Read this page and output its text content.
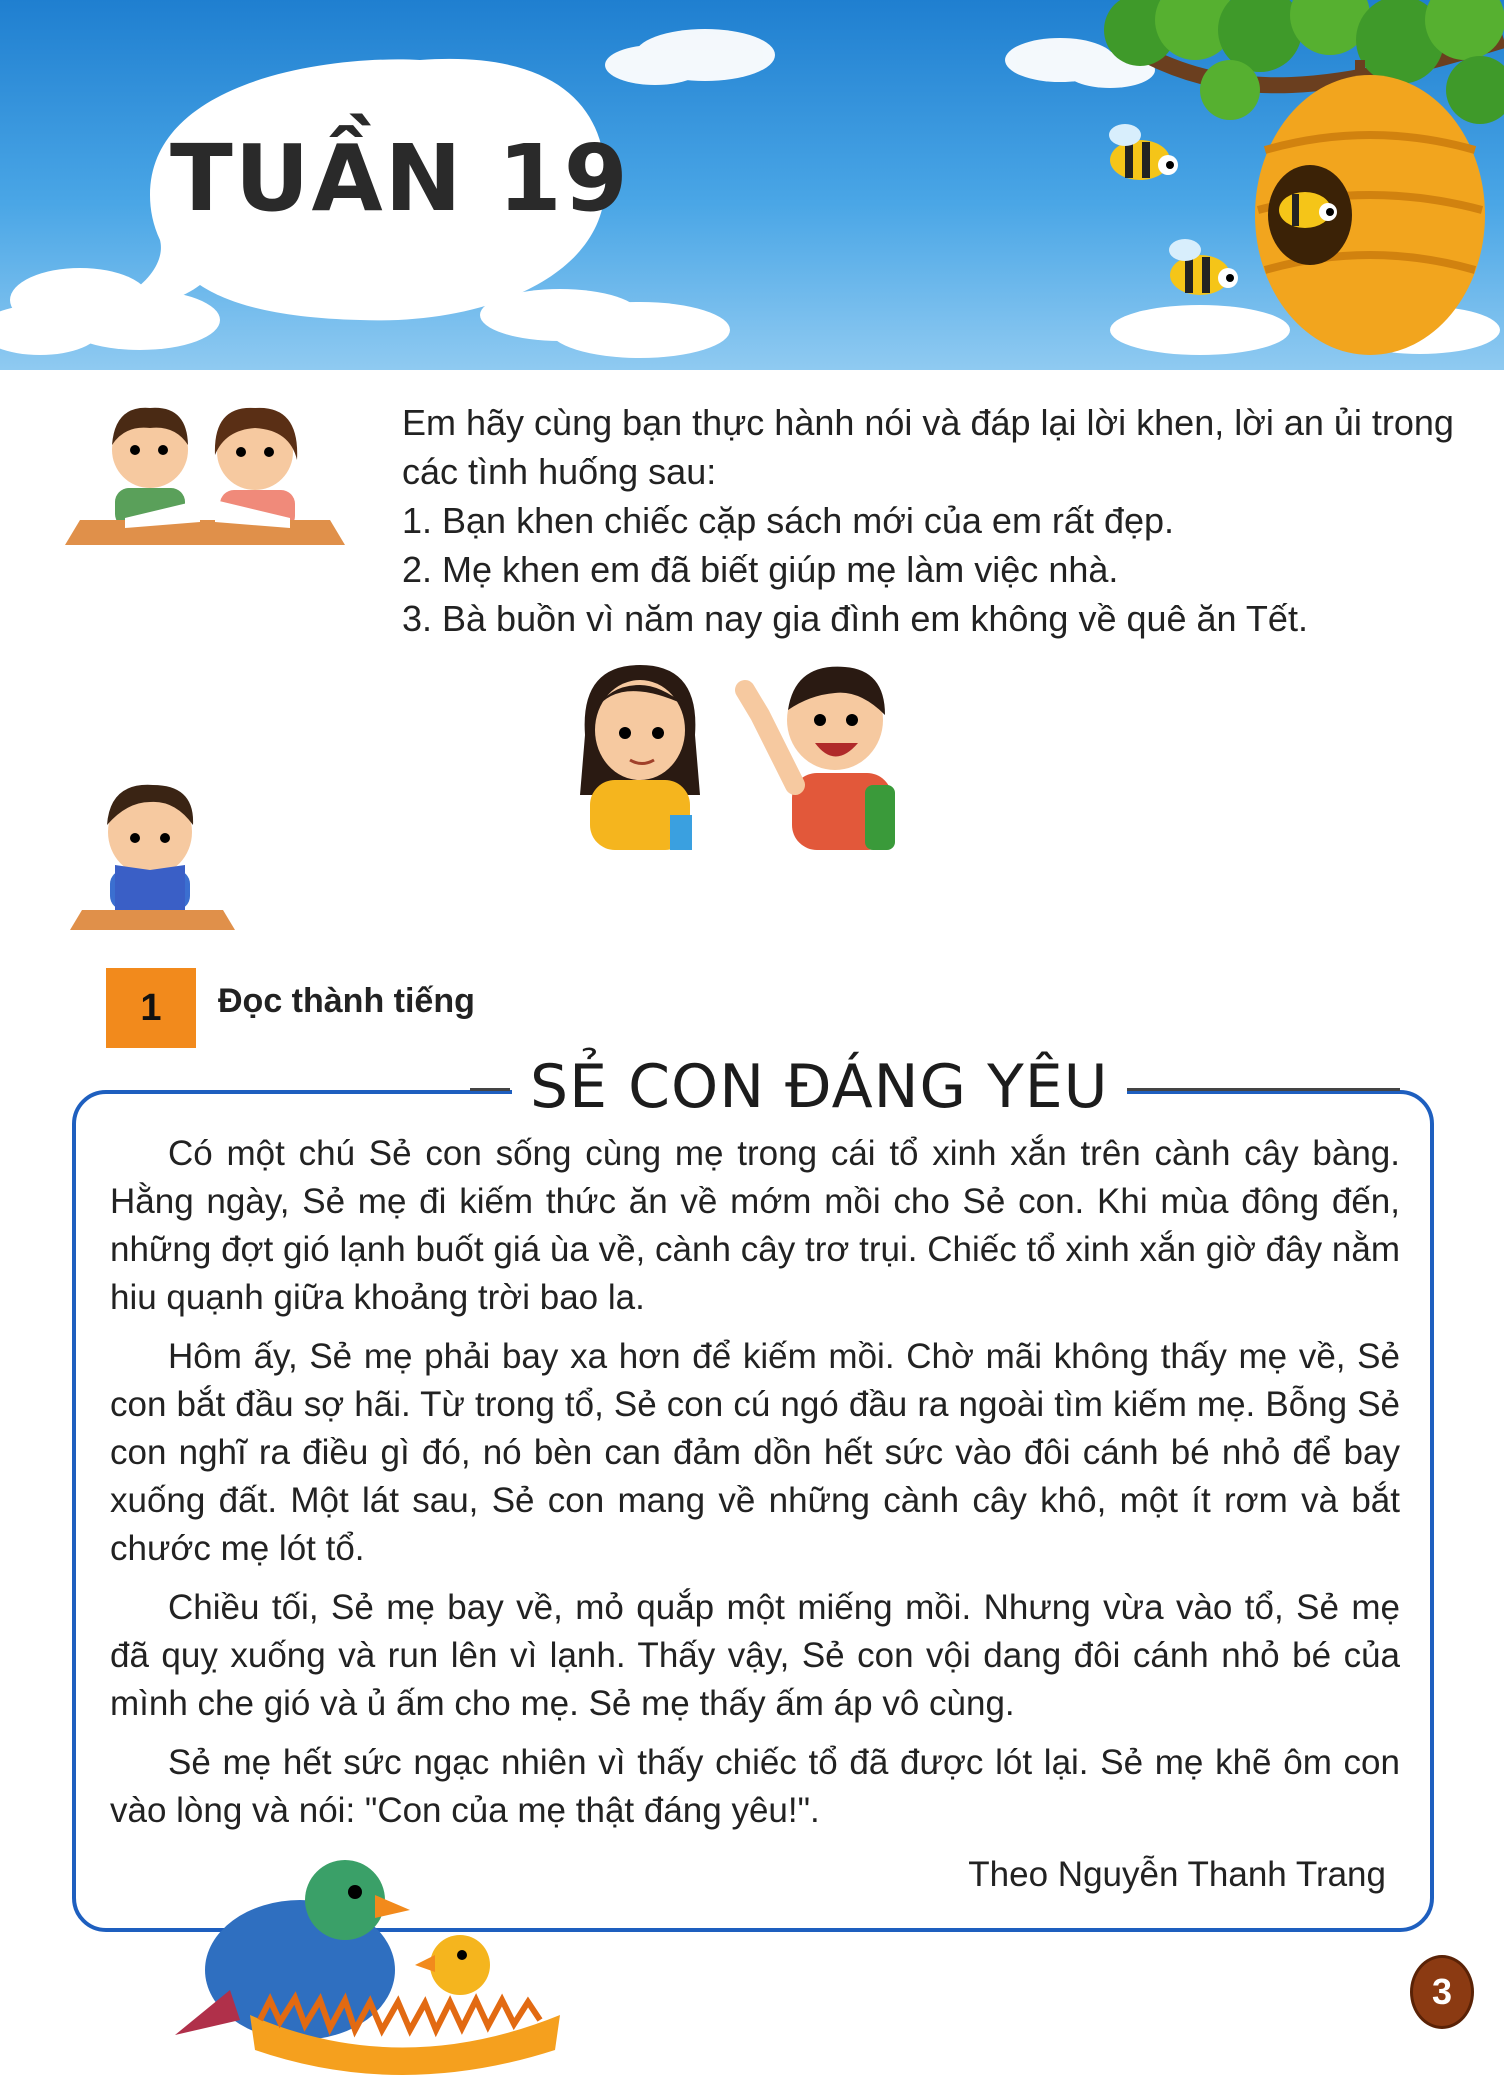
TUẦN 19

Em hãy cùng bạn thực hành nói và đáp lại lời khen, lời an ủi trong các tình huống sau:

1. Bạn khen chiếc cặp sách mới của em rất đẹp.

2. Mẹ khen em đã biết giúp mẹ làm việc nhà.

3. Bà buồn vì năm nay gia đình em không về quê ăn Tết.

1	Đọc thành tiếng
SẺ CON ĐÁNG YÊU

Có một chú Sẻ con sống cùng mẹ trong cái tổ xinh xắn trên cành cây bàng. Hằng ngày, Sẻ mẹ đi kiếm thức ăn về mớm mồi cho Sẻ con. Khi mùa đông đến, những đợt gió lạnh buốt giá ùa về, cành cây trơ trụi. Chiếc tổ xinh xắn giờ đây nằm hiu quạnh giữa khoảng trời bao la.

Hôm ấy, Sẻ mẹ phải bay xa hơn để kiếm mồi. Chờ mãi không thấy mẹ về, Sẻ con bắt đầu sợ hãi. Từ trong tổ, Sẻ con cú ngó đầu ra ngoài tìm kiếm mẹ. Bỗng Sẻ con nghĩ ra điều gì đó, nó bèn can đảm dồn hết sức vào đôi cánh bé nhỏ để bay xuống đất. Một lát sau, Sẻ con mang về những cành cây khô, một ít rơm và bắt chước mẹ lót tổ.

Chiều tối, Sẻ mẹ bay về, mỏ quắp một miếng mồi. Nhưng vừa vào tổ, Sẻ mẹ đã quỵ xuống và run lên vì lạnh. Thấy vậy, Sẻ con vội dang đôi cánh nhỏ bé của mình che gió và ủ ấm cho mẹ. Sẻ mẹ thấy ấm áp vô cùng.

Sẻ mẹ hết sức ngạc nhiên vì thấy chiếc tổ đã được lót lại. Sẻ mẹ khẽ ôm con vào lòng và nói: "Con của mẹ thật đáng yêu!".

Theo Nguyễn Thanh Trang
3
